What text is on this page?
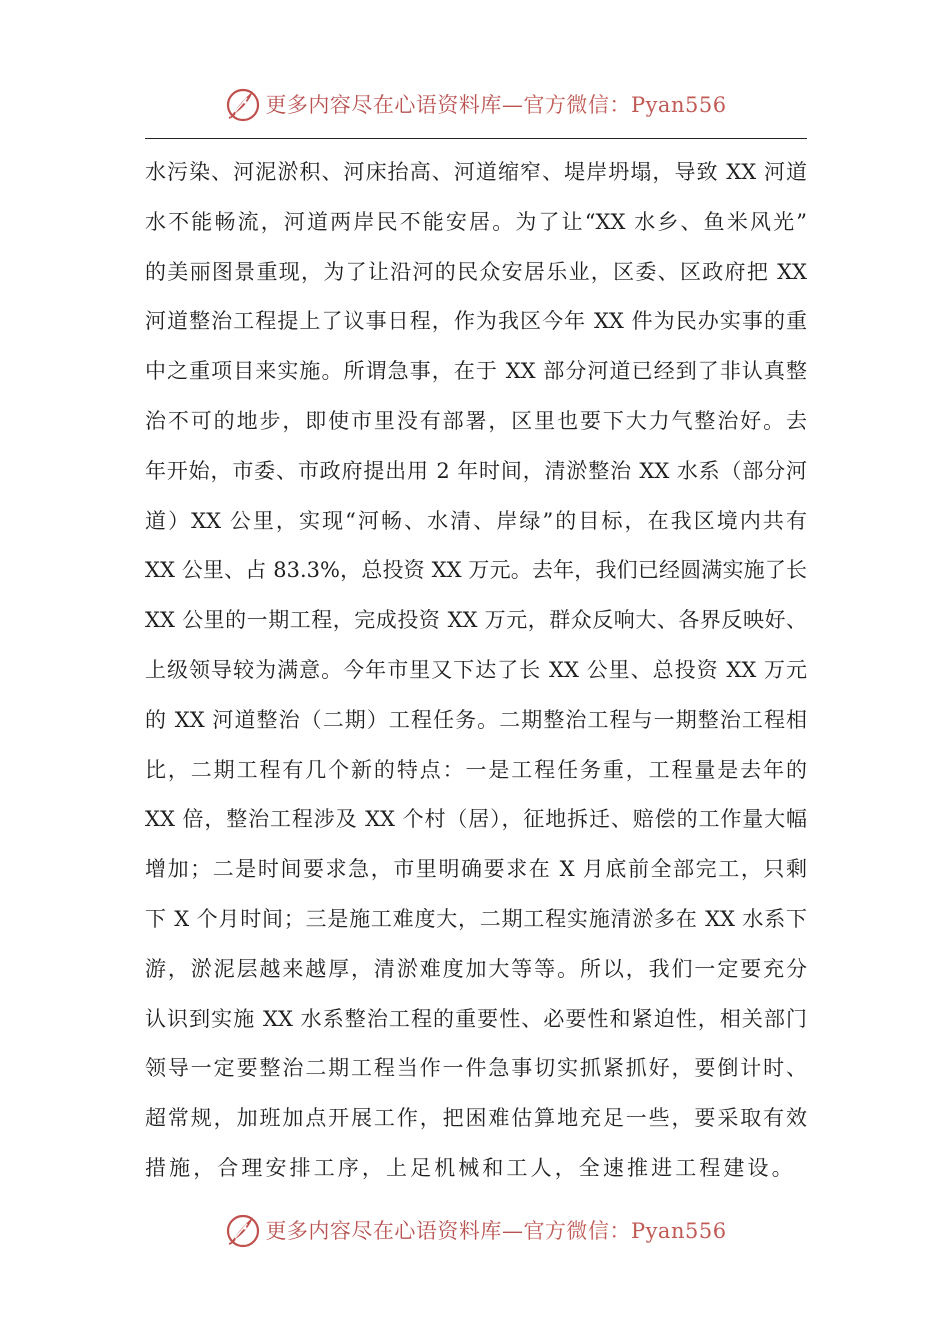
更多内容尽在心语资料库—官方微信：Pyan556
水污染、河泥淤积、河床抬高、河道缩窄、堤岸坍塌，导致 XX 河道
水不能畅流，河道两岸民不能安居。为了让“XX 水乡、鱼米风光”
的美丽图景重现，为了让沿河的民众安居乐业，区委、区政府把 XX
河道整治工程提上了议事日程，作为我区今年 XX 件为民办实事的重
中之重项目来实施。所谓急事，在于 XX 部分河道已经到了非认真整
治不可的地步，即使市里没有部署，区里也要下大力气整治好。去
年开始，市委、市政府提出用 2 年时间，清淤整治 XX 水系（部分河
道）XX 公里，实现“河畅、水清、岸绿”的目标，在我区境内共有
XX 公里、占 83.3%，总投资 XX 万元。去年，我们已经圆满实施了长
XX 公里的一期工程，完成投资 XX 万元，群众反响大、各界反映好、
上级领导较为满意。今年市里又下达了长 XX 公里、总投资 XX 万元
的 XX 河道整治（二期）工程任务。二期整治工程与一期整治工程相
比，二期工程有几个新的特点：一是工程任务重，工程量是去年的
XX 倍，整治工程涉及 XX 个村（居），征地拆迁、赔偿的工作量大幅
增加；二是时间要求急，市里明确要求在 X 月底前全部完工，只剩
下 X 个月时间；三是施工难度大，二期工程实施清淤多在 XX 水系下
游，淤泥层越来越厚，清淤难度加大等等。所以，我们一定要充分
认识到实施 XX 水系整治工程的重要性、必要性和紧迫性，相关部门
领导一定要整治二期工程当作一件急事切实抓紧抓好，要倒计时、
超常规，加班加点开展工作，把困难估算地充足一些，要采取有效
措施，合理安排工序，上足机械和工人，全速推进工程建设。
更多内容尽在心语资料库—官方微信：Pyan556
